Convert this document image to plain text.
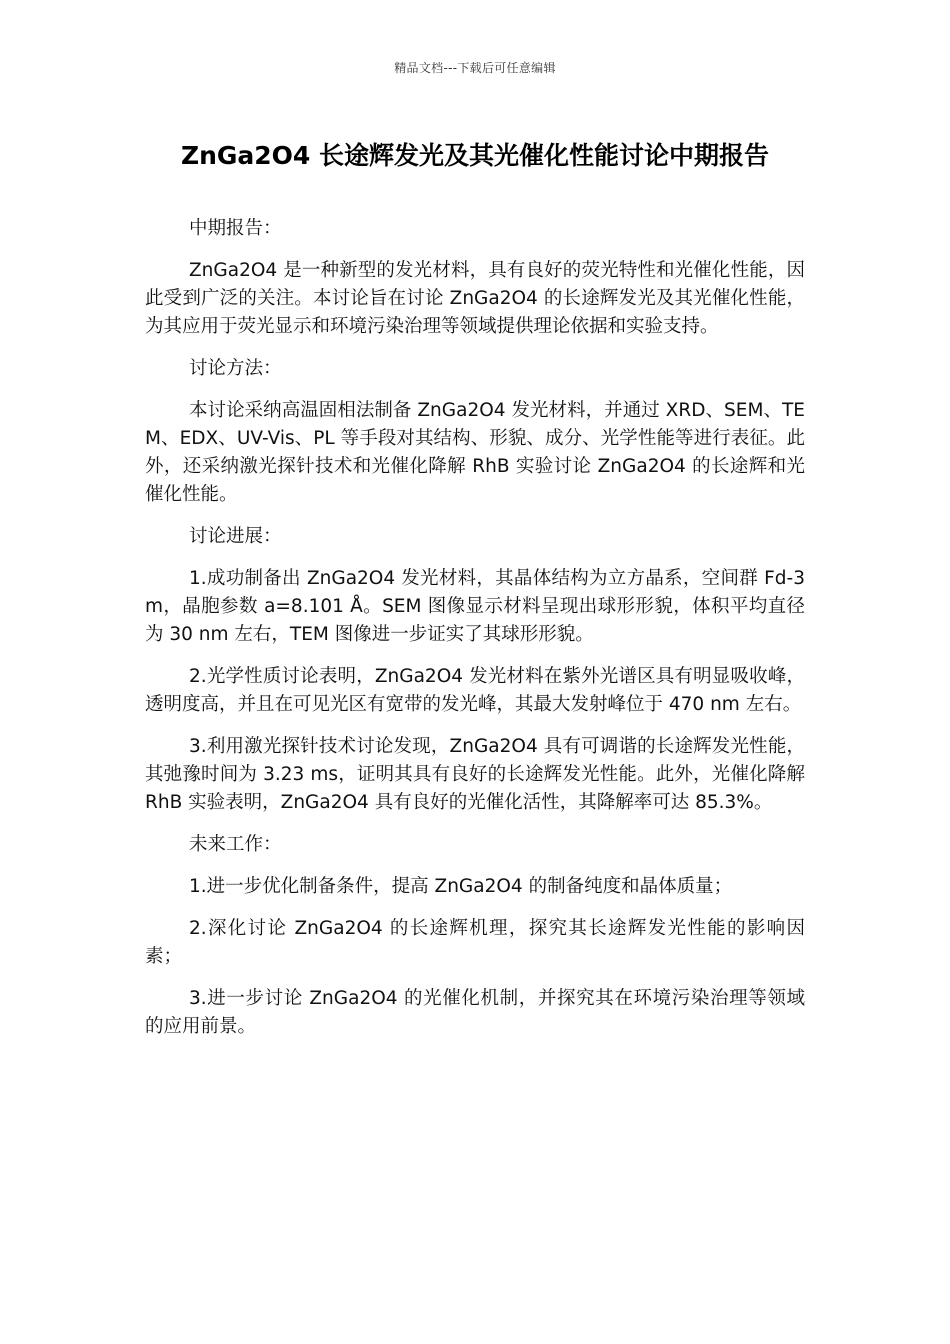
精品文档---下载后可任意编辑
ZnGa2O4 长途辉发光及其光催化性能讨论中期报告

中期报告：

ZnGa2O4 是一种新型的发光材料，具有良好的荧光特性和光催化性能，因此受到广泛的关注。本讨论旨在讨论 ZnGa2O4 的长途辉发光及其光催化性能，为其应用于荧光显示和环境污染治理等领域提供理论依据和实验支持。

讨论方法：

本讨论采纳高温固相法制备 ZnGa2O4 发光材料，并通过 XRD、SEM、TEM、EDX、UV-Vis、PL 等手段对其结构、形貌、成分、光学性能等进行表征。此外，还采纳激光探针技术和光催化降解 RhB 实验讨论 ZnGa2O4 的长途辉和光催化性能。

讨论进展：

1.成功制备出 ZnGa2O4 发光材料，其晶体结构为立方晶系，空间群 Fd-3m，晶胞参数 a=8.101 Å。SEM 图像显示材料呈现出球形形貌，体积平均直径为 30 nm 左右，TEM 图像进一步证实了其球形形貌。

2.光学性质讨论表明，ZnGa2O4 发光材料在紫外光谱区具有明显吸收峰，透明度高，并且在可见光区有宽带的发光峰，其最大发射峰位于 470 nm 左右。

3.利用激光探针技术讨论发现，ZnGa2O4 具有可调谐的长途辉发光性能，其弛豫时间为 3.23 ms，证明其具有良好的长途辉发光性能。此外，光催化降解 RhB 实验表明，ZnGa2O4 具有良好的光催化活性，其降解率可达 85.3%。

未来工作：

1.进一步优化制备条件，提高 ZnGa2O4 的制备纯度和晶体质量；

2.深化讨论 ZnGa2O4 的长途辉机理，探究其长途辉发光性能的影响因素；

3.进一步讨论 ZnGa2O4 的光催化机制，并探究其在环境污染治理等领域的应用前景。
